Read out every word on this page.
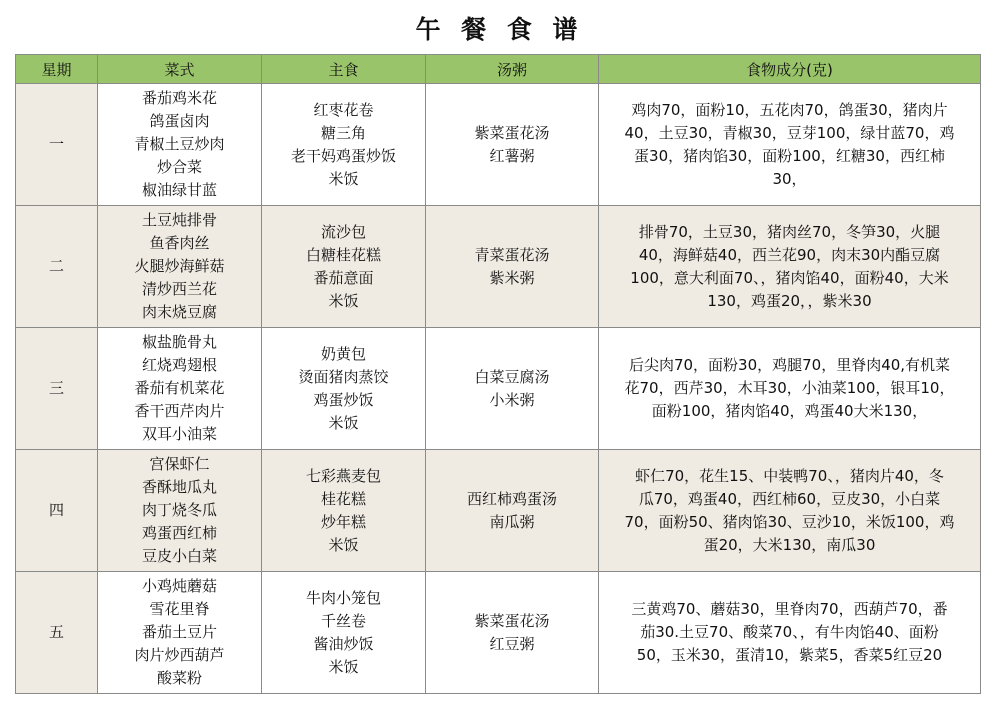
午 餐 食 谱
星期	菜式	主食	汤粥	食物成分(克)
一	番茄鸡米花
鸽蛋卤肉
青椒土豆炒肉
炒合菜
椒油绿甘蓝	红枣花卷
糖三角
老干妈鸡蛋炒饭
米饭	紫菜蛋花汤
红薯粥	鸡肉70，面粉10，五花肉70，鸽蛋30，猪肉片
40，土豆30，青椒30，豆芽100，绿甘蓝70，鸡
蛋30，猪肉馅30，面粉100，红糖30，西红柿
30，

二	土豆炖排骨
鱼香肉丝
火腿炒海鲜菇
清炒西兰花
肉末烧豆腐	流沙包
白糖桂花糕
番茄意面
米饭	青菜蛋花汤
紫米粥	排骨70，土豆30，猪肉丝70，冬笋30，火腿
40，海鲜菇40，西兰花90，肉末30内酯豆腐
100，意大利面70、，猪肉馅40，面粉40，大米
130，鸡蛋20，，紫米30

三	椒盐脆骨丸
红烧鸡翅根
番茄有机菜花
香干西芹肉片
双耳小油菜	奶黄包
烫面猪肉蒸饺
鸡蛋炒饭
米饭	白菜豆腐汤
小米粥	后尖肉70，面粉30，鸡腿70，里脊肉40,有机菜
花70，西芹30，木耳30，小油菜100，银耳10，
面粉100，猪肉馅40，鸡蛋40大米130，

四	宫保虾仁
香酥地瓜丸
肉丁烧冬瓜
鸡蛋西红柿
豆皮小白菜	七彩燕麦包
桂花糕
炒年糕
米饭	西红柿鸡蛋汤
南瓜粥	虾仁70，花生15、中装鸭70、，猪肉片40，冬
瓜70，鸡蛋40，西红柿60，豆皮30，小白菜
70，面粉50、猪肉馅30、豆沙10，米饭100，鸡
蛋20，大米130，南瓜30

五	小鸡炖蘑菇
雪花里脊
番茄土豆片
肉片炒西葫芦
酸菜粉	牛肉小笼包
千丝卷
酱油炒饭
米饭	紫菜蛋花汤
红豆粥	三黄鸡70、蘑菇30，里脊肉70，西葫芦70，番
茄30.土豆70、酸菜70、，有牛肉馅40、面粉
50，玉米30，蛋清10，紫菜5，香菜5红豆20
